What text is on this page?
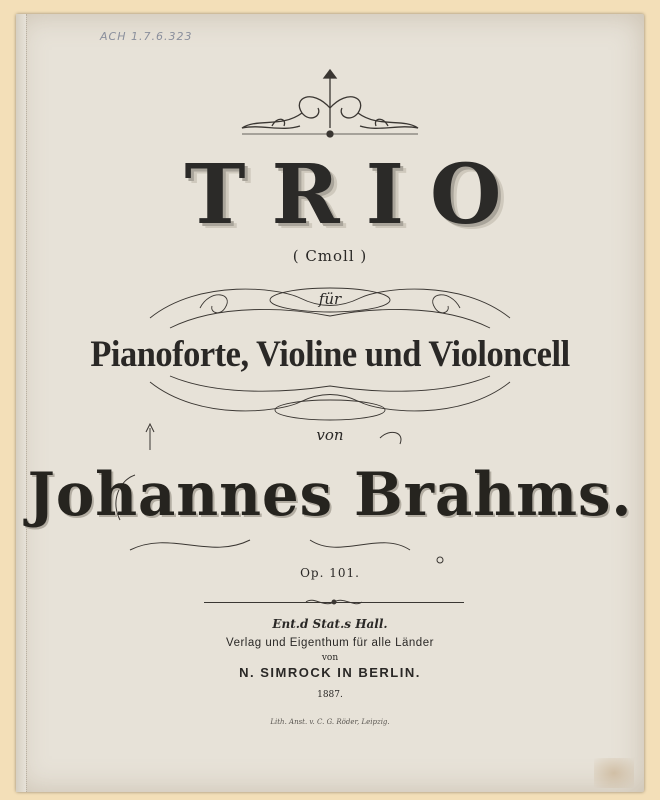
ACH 1.7.6.323
TRIO
( Cmoll )
für
Pianoforte, Violine und Violoncell
von
Johannes Brahms.
Op. 101.
Ent.d Stat.s Hall.
Verlag und Eigenthum für alle Länder
von
N. SIMROCK IN BERLIN.
1887.
Lith. Anst. v. C. G. Röder, Leipzig.
